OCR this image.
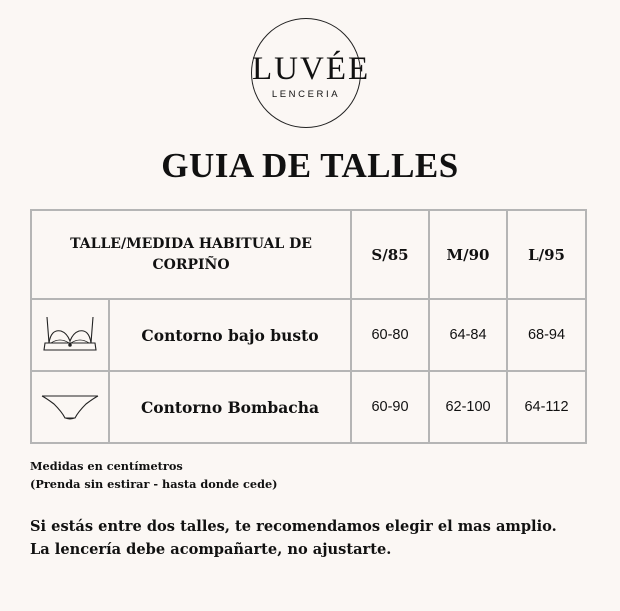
LUVÉE
LENCERIA
GUIA DE TALLES
TALLE/MEDIDA HABITUAL DE CORPIÑO		S/85	M/90	L/95

	Contorno bajo busto	60-80	64-84	68-94

	Contorno Bombacha	60-90	62-100	64-112
Medidas en centímetros
(Prenda sin estirar - hasta donde cede)
Si estás entre dos talles, te recomendamos elegir el mas amplio.
La lencería debe acompañarte, no ajustarte.
